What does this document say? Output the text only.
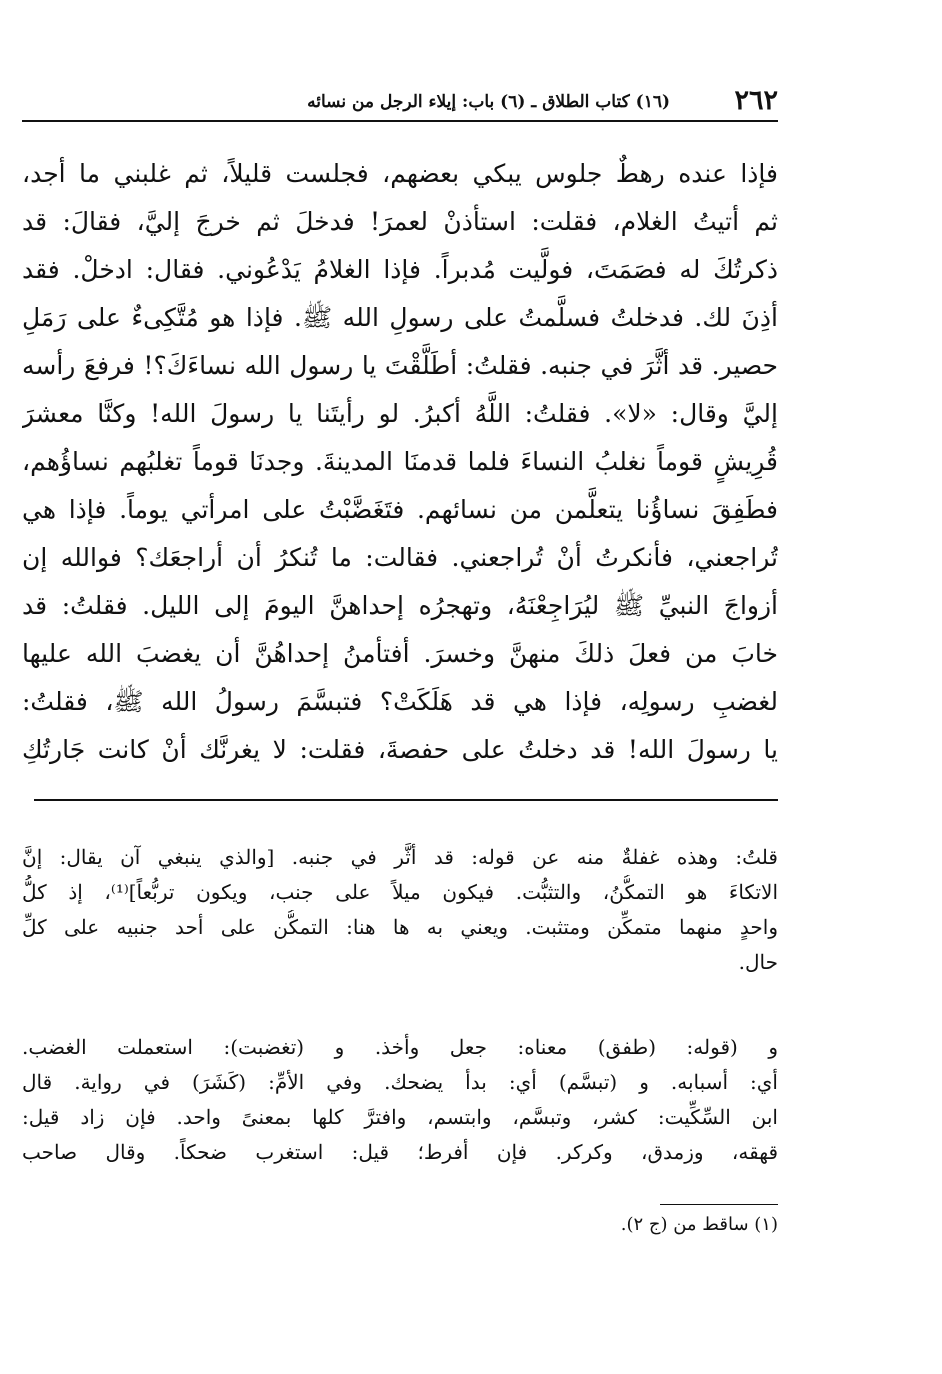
٢٦٢
(١٦) كتاب الطلاق ـ (٦) باب: إيلاء الرجل من نسائه
فإذا عنده رهطٌ جلوس يبكي بعضهم، فجلست قليلاً، ثم غلبني ما أجد،
ثم أتيتُ الغلام، فقلت: استأذنْ لعمرَ! فدخلَ ثم خرجَ إليَّ، فقالَ: قد
ذكرتُكَ له فصَمَتَ، فولَّيت مُدبراً. فإذا الغلامُ يَدْعُوني. فقال: ادخلْ. فقد
أذِنَ لك. فدخلتُ فسلَّمتُ على رسولِ الله ﷺ. فإذا هو مُتَّكِىءٌ على رَمَلِ
حصير. قد أثَّرَ في جنبه. فقلتُ: أطَلَّقْتَ يا رسول الله نساءَكَ؟! فرفعَ رأسه
إليَّ وقال: «لا». فقلتُ: اللَّهُ أكبرُ. لو رأيتَنا يا رسولَ الله! وكنَّا معشرَ
قُرِيشٍ قوماً نغلبُ النساءَ فلما قدمنَا المدينةَ. وجدنَا قوماً تغلبُهم نساؤُهم،
فطَفِقَ نساؤُنا يتعلَّمن من نسائهم. فتَغَضَّبْتُ على امرأتي يوماً. فإذا هي
تُراجعني، فأنكرتُ أنْ تُراجعني. فقالت: ما تُنكرُ أن أراجعَك؟ فوالله إن
أزواجَ النبيِّ ﷺ ليُرَاجِعْنَهُ، وتهجرُه إحداهنَّ اليومَ إلى الليل. فقلتُ: قد
خابَ من فعلَ ذلكَ منهنَّ وخسرَ. أفتأمنُ إحداهُنَّ أن يغضبَ الله عليها
لغضبِ رسولِه، فإذا هي قد هَلَكَتْ؟ فتبسَّمَ رسولُ الله ﷺ، فقلتُ:
يا رسولَ الله! قد دخلتُ على حفصةَ، فقلت: لا يغرنَّك أنْ كانت جَارتُكِ
قلتُ: وهذه غفلةٌ منه عن قوله: قد أثَّر في جنبه. [والذي ينبغي آن يقال: إنَّ
الاتكاءَ هو التمكُّنُ، والتثبُّت. فيكون ميلاً على جنب، ويكون تربُّعاً]⁽¹⁾، إذ كلُّ
واحدٍ منهما متمكِّن ومتثبت. ويعني به ها هنا: التمكُّن على أحد جنبيه على كلِّ
حال.
و (قوله: (طفق) معناه: جعل وأخذ. و (تغضبت): استعملت الغضب.
أي: أسبابه. و (تبسَّم) أي: بدأ يضحك. وفي الأمِّ: (كَشَرَ) في رواية. قال
ابن السِّكِّيت: كشر، وتبسَّم، وابتسم، وافترَّ كلها بمعنىً واحد. فإن زاد قيل:
قهقه، وزمدق، وكركر. فإن أفرط؛ قيل: استغرب ضحكاً. وقال صاحب
(١) ساقط من (ج ٢).
